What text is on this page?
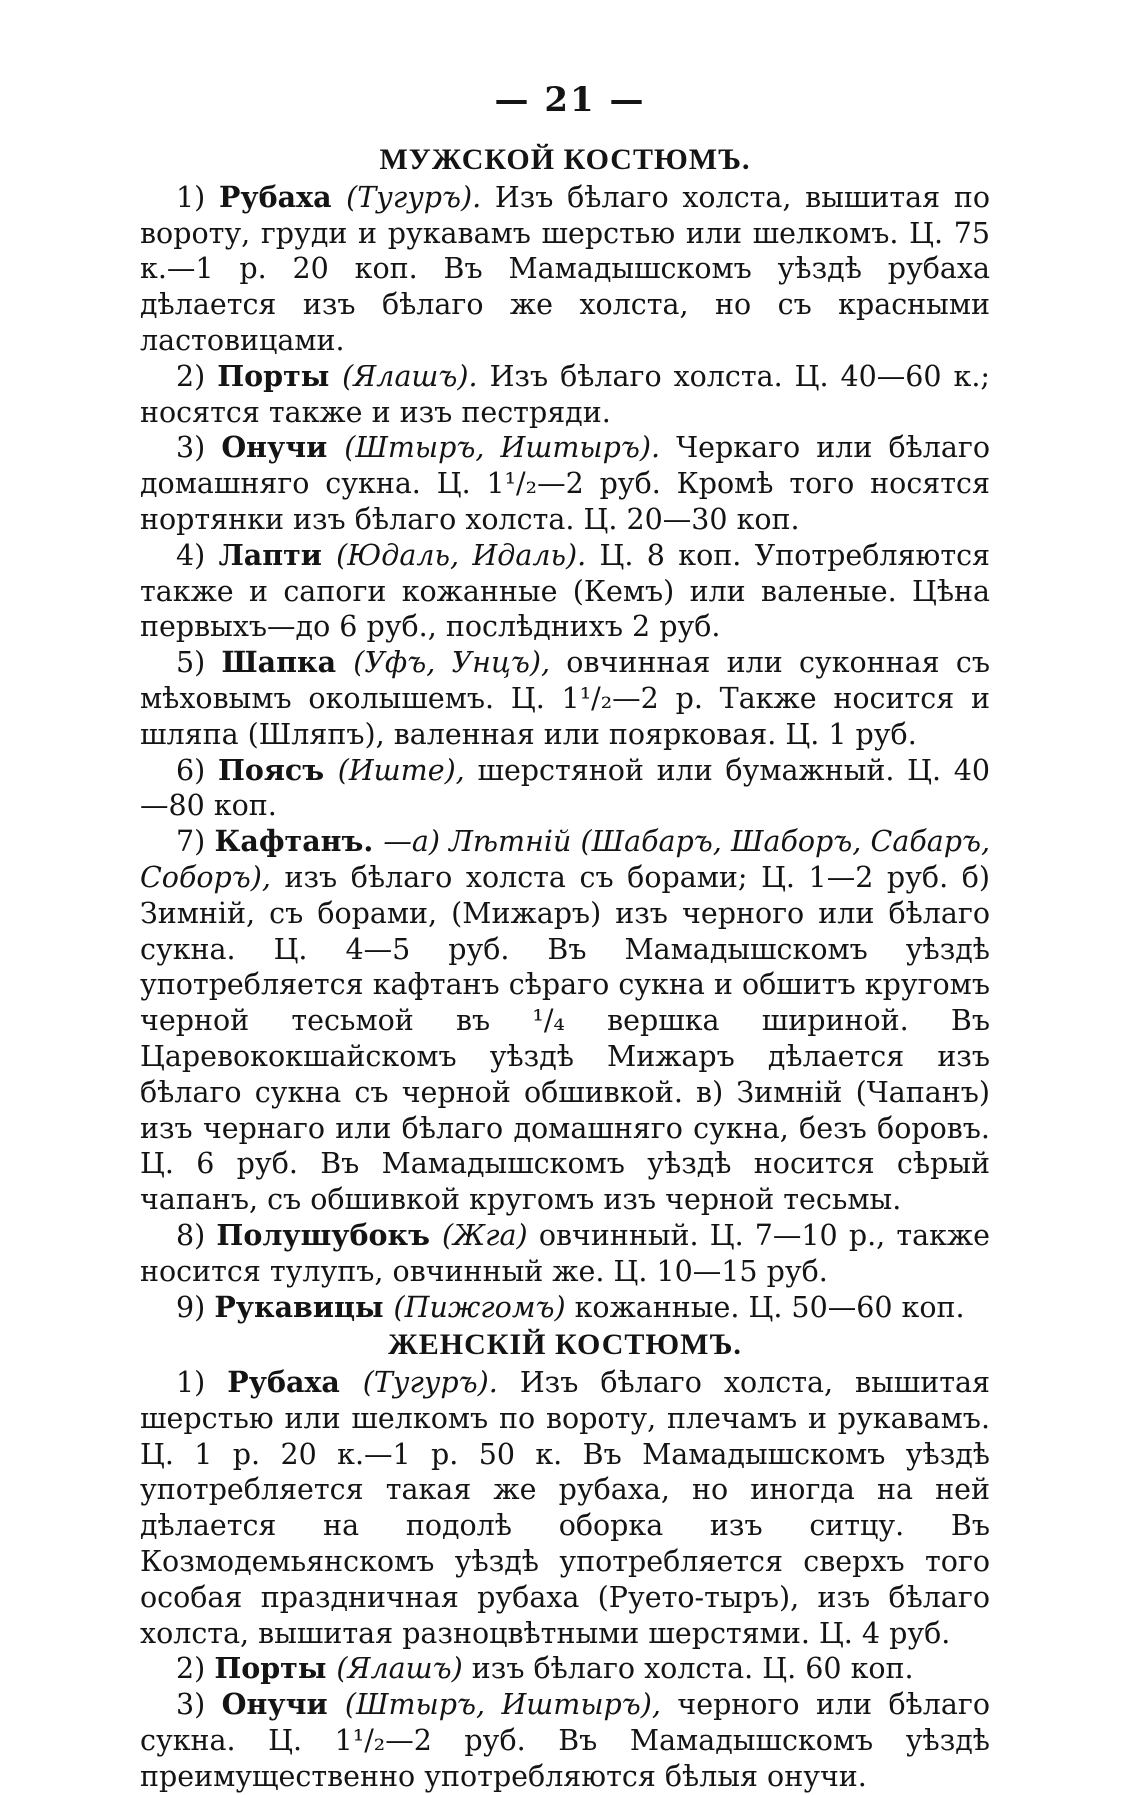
— 21 —
МУЖСКОЙ КОСТЮМЪ.

1) Рубаха (Тугуръ). Изъ бѣлаго холста, вышитая по вороту, груди и рукавамъ шерстью или шелкомъ. Ц. 75 к.—1 р. 20 коп. Въ Мамадышскомъ уѣздѣ рубаха дѣлается изъ бѣлаго же холста, но съ красными ластовицами.

2) Порты (Ялашъ). Изъ бѣлаго холста. Ц. 40—60 к.; носятся также и изъ пестряди.

3) Онучи (Штыръ, Иштыръ). Черкаго или бѣлаго домашняго сукна. Ц. 1¹/₂—2 руб. Кромѣ того носятся нортянки изъ бѣлаго холста. Ц. 20—30 коп.

4) Лапти (Юдаль, Идаль). Ц. 8 коп. Употребляются также и сапоги кожанные (Кемъ) или валеные. Цѣна первыхъ—до 6 руб., послѣднихъ 2 руб.

5) Шапка (Уфъ, Унцъ), овчинная или суконная съ мѣховымъ околышемъ. Ц. 1¹/₂—2 р. Также носится и шляпа (Шляпъ), валенная или поярковая. Ц. 1 руб.

6) Поясъ (Иштe), шерстяной или бумажный. Ц. 40—80 коп.

7) Кафтанъ. —а) Лѣтній (Шабаръ, Шаборъ, Сабаръ, Соборъ), изъ бѣлаго холста съ борами; Ц. 1—2 руб. б) Зимній, съ борами, (Мижаръ) изъ черного или бѣлаго сукна. Ц. 4—5 руб. Въ Мамадышскомъ уѣздѣ употребляется кафтанъ сѣраго сукна и обшитъ кругомъ черной тесьмой въ ¹/₄ вершка шириной. Въ Царевококшайскомъ уѣздѣ Мижаръ дѣлается изъ бѣлаго сукна съ черной обшивкой. в) Зимній (Чапанъ) изъ чернаго или бѣлаго домашняго сукна, безъ боровъ. Ц. 6 руб. Въ Мамадышскомъ уѣздѣ носится сѣрый чапанъ, съ обшивкой кругомъ изъ черной тесьмы.

8) Полушубокъ (Жга) овчинный. Ц. 7—10 р., также носится тулупъ, овчинный же. Ц. 10—15 руб.

9) Рукавицы (Пижгомъ) кожанные. Ц. 50—60 коп.

ЖЕНСКІЙ КОСТЮМЪ.

1) Рубаха (Тугуръ). Изъ бѣлаго холста, вышитая шерстью или шелкомъ по вороту, плечамъ и рукавамъ. Ц. 1 р. 20 к.—1 р. 50 к. Въ Мамадышскомъ уѣздѣ употребляется такая же рубаха, но иногда на ней дѣлается на подолѣ оборка изъ ситцу. Въ Козмодемьянскомъ уѣздѣ употребляется сверхъ того особая праздничная рубаха (Руето-тыръ), изъ бѣлаго холста, вышитая разноцвѣтными шерстями. Ц. 4 руб.

2) Порты (Ялашъ) изъ бѣлаго холста. Ц. 60 коп.

3) Онучи (Штыръ, Иштыръ), черного или бѣлаго сукна. Ц. 1¹/₂—2 руб. Въ Мамадышскомъ уѣздѣ преимущественно употребляются бѣлыя онучи.
